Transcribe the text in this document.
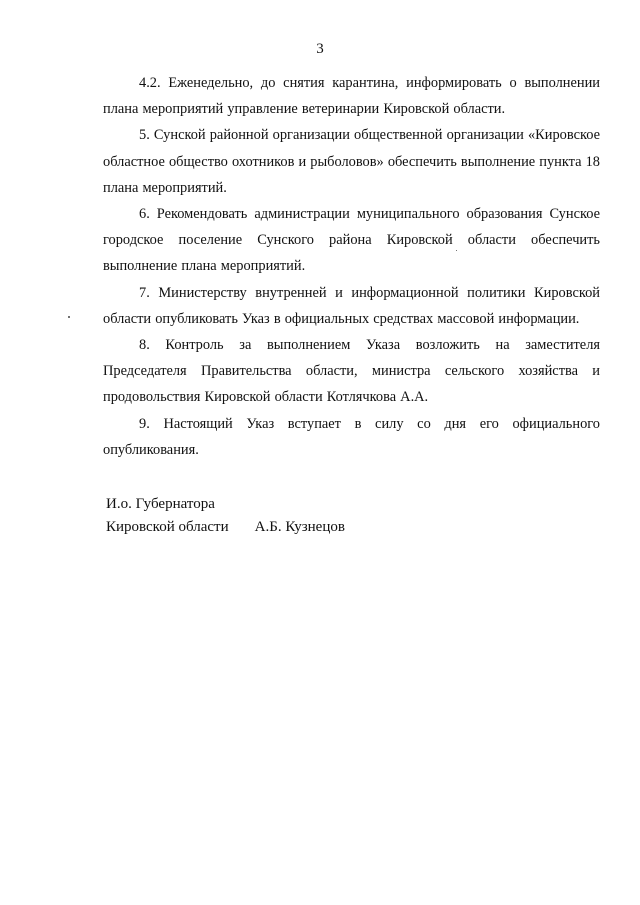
3

4.2. Еженедельно, до снятия карантина, информировать о выполнении плана мероприятий управление ветеринарии Кировской области.

5. Сунской районной организации общественной организации «Кировское областное общество охотников и рыболовов» обеспечить выполнение пункта 18 плана мероприятий.

6. Рекомендовать администрации муниципального образования Сунское городское поселение Сунского района Кировской области обеспечить выполнение плана мероприятий.

7. Министерству внутренней и информационной политики Кировской области опубликовать Указ в официальных средствах массовой информации.

8. Контроль за выполнением Указа возложить на заместителя Председателя Правительства области, министра сельского хозяйства и продовольствия Кировской области Котлячкова А.А.

9. Настоящий Указ вступает в силу со дня его официального опубликования.

И.о. Губернатора
Кировской области А.Б. Кузнецов
